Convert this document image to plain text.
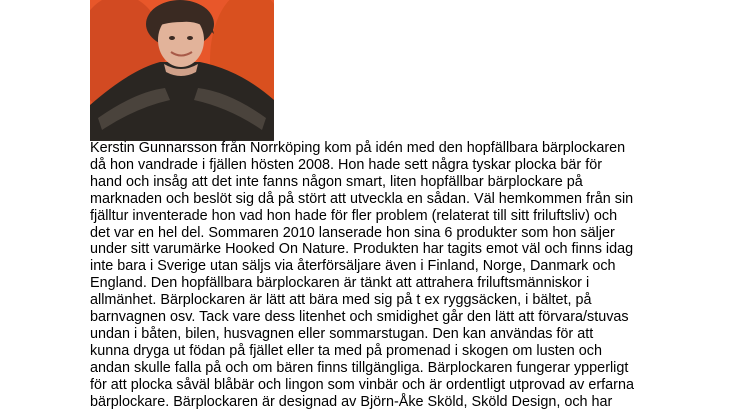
Kerstin Gunnarsson från Norrköping kom på idén med den hopfällbara bärplockaren
då hon vandrade i fjällen hösten 2008. Hon hade sett några tyskar plocka bär för
hand och insåg att det inte fanns någon smart, liten hopfällbar bärplockare på
marknaden och beslöt sig då på stört att utveckla en sådan. Väl hemkommen från sin
fjälltur inventerade hon vad hon hade för fler problem (relaterat till sitt friluftsliv) och
det var en hel del. Sommaren 2010 lanserade hon sina 6 produkter som hon säljer
under sitt varumärke Hooked On Nature. Produkten har tagits emot väl och finns idag
inte bara i Sverige utan säljs via återförsäljare även i Finland, Norge, Danmark och
England. Den hopfällbara bärplockaren är tänkt att attrahera friluftsmänniskor i
allmänhet. Bärplockaren är lätt att bära med sig på t ex ryggsäcken, i bältet, på
barnvagnen osv. Tack vare dess litenhet och smidighet går den lätt att förvara/stuvas
undan i båten, bilen, husvagnen eller sommarstugan. Den kan användas för att
kunna dryga ut födan på fjället eller ta med på promenad i skogen om lusten och
andan skulle falla på och om bären finns tillgängliga. Bärplockaren fungerar ypperligt
för att plocka såväl blåbär och lingon som vinbär och är ordentligt utprovad av erfarna
bärplockare. Bärplockaren är designad av Björn-Åke Sköld, Sköld Design, och har
